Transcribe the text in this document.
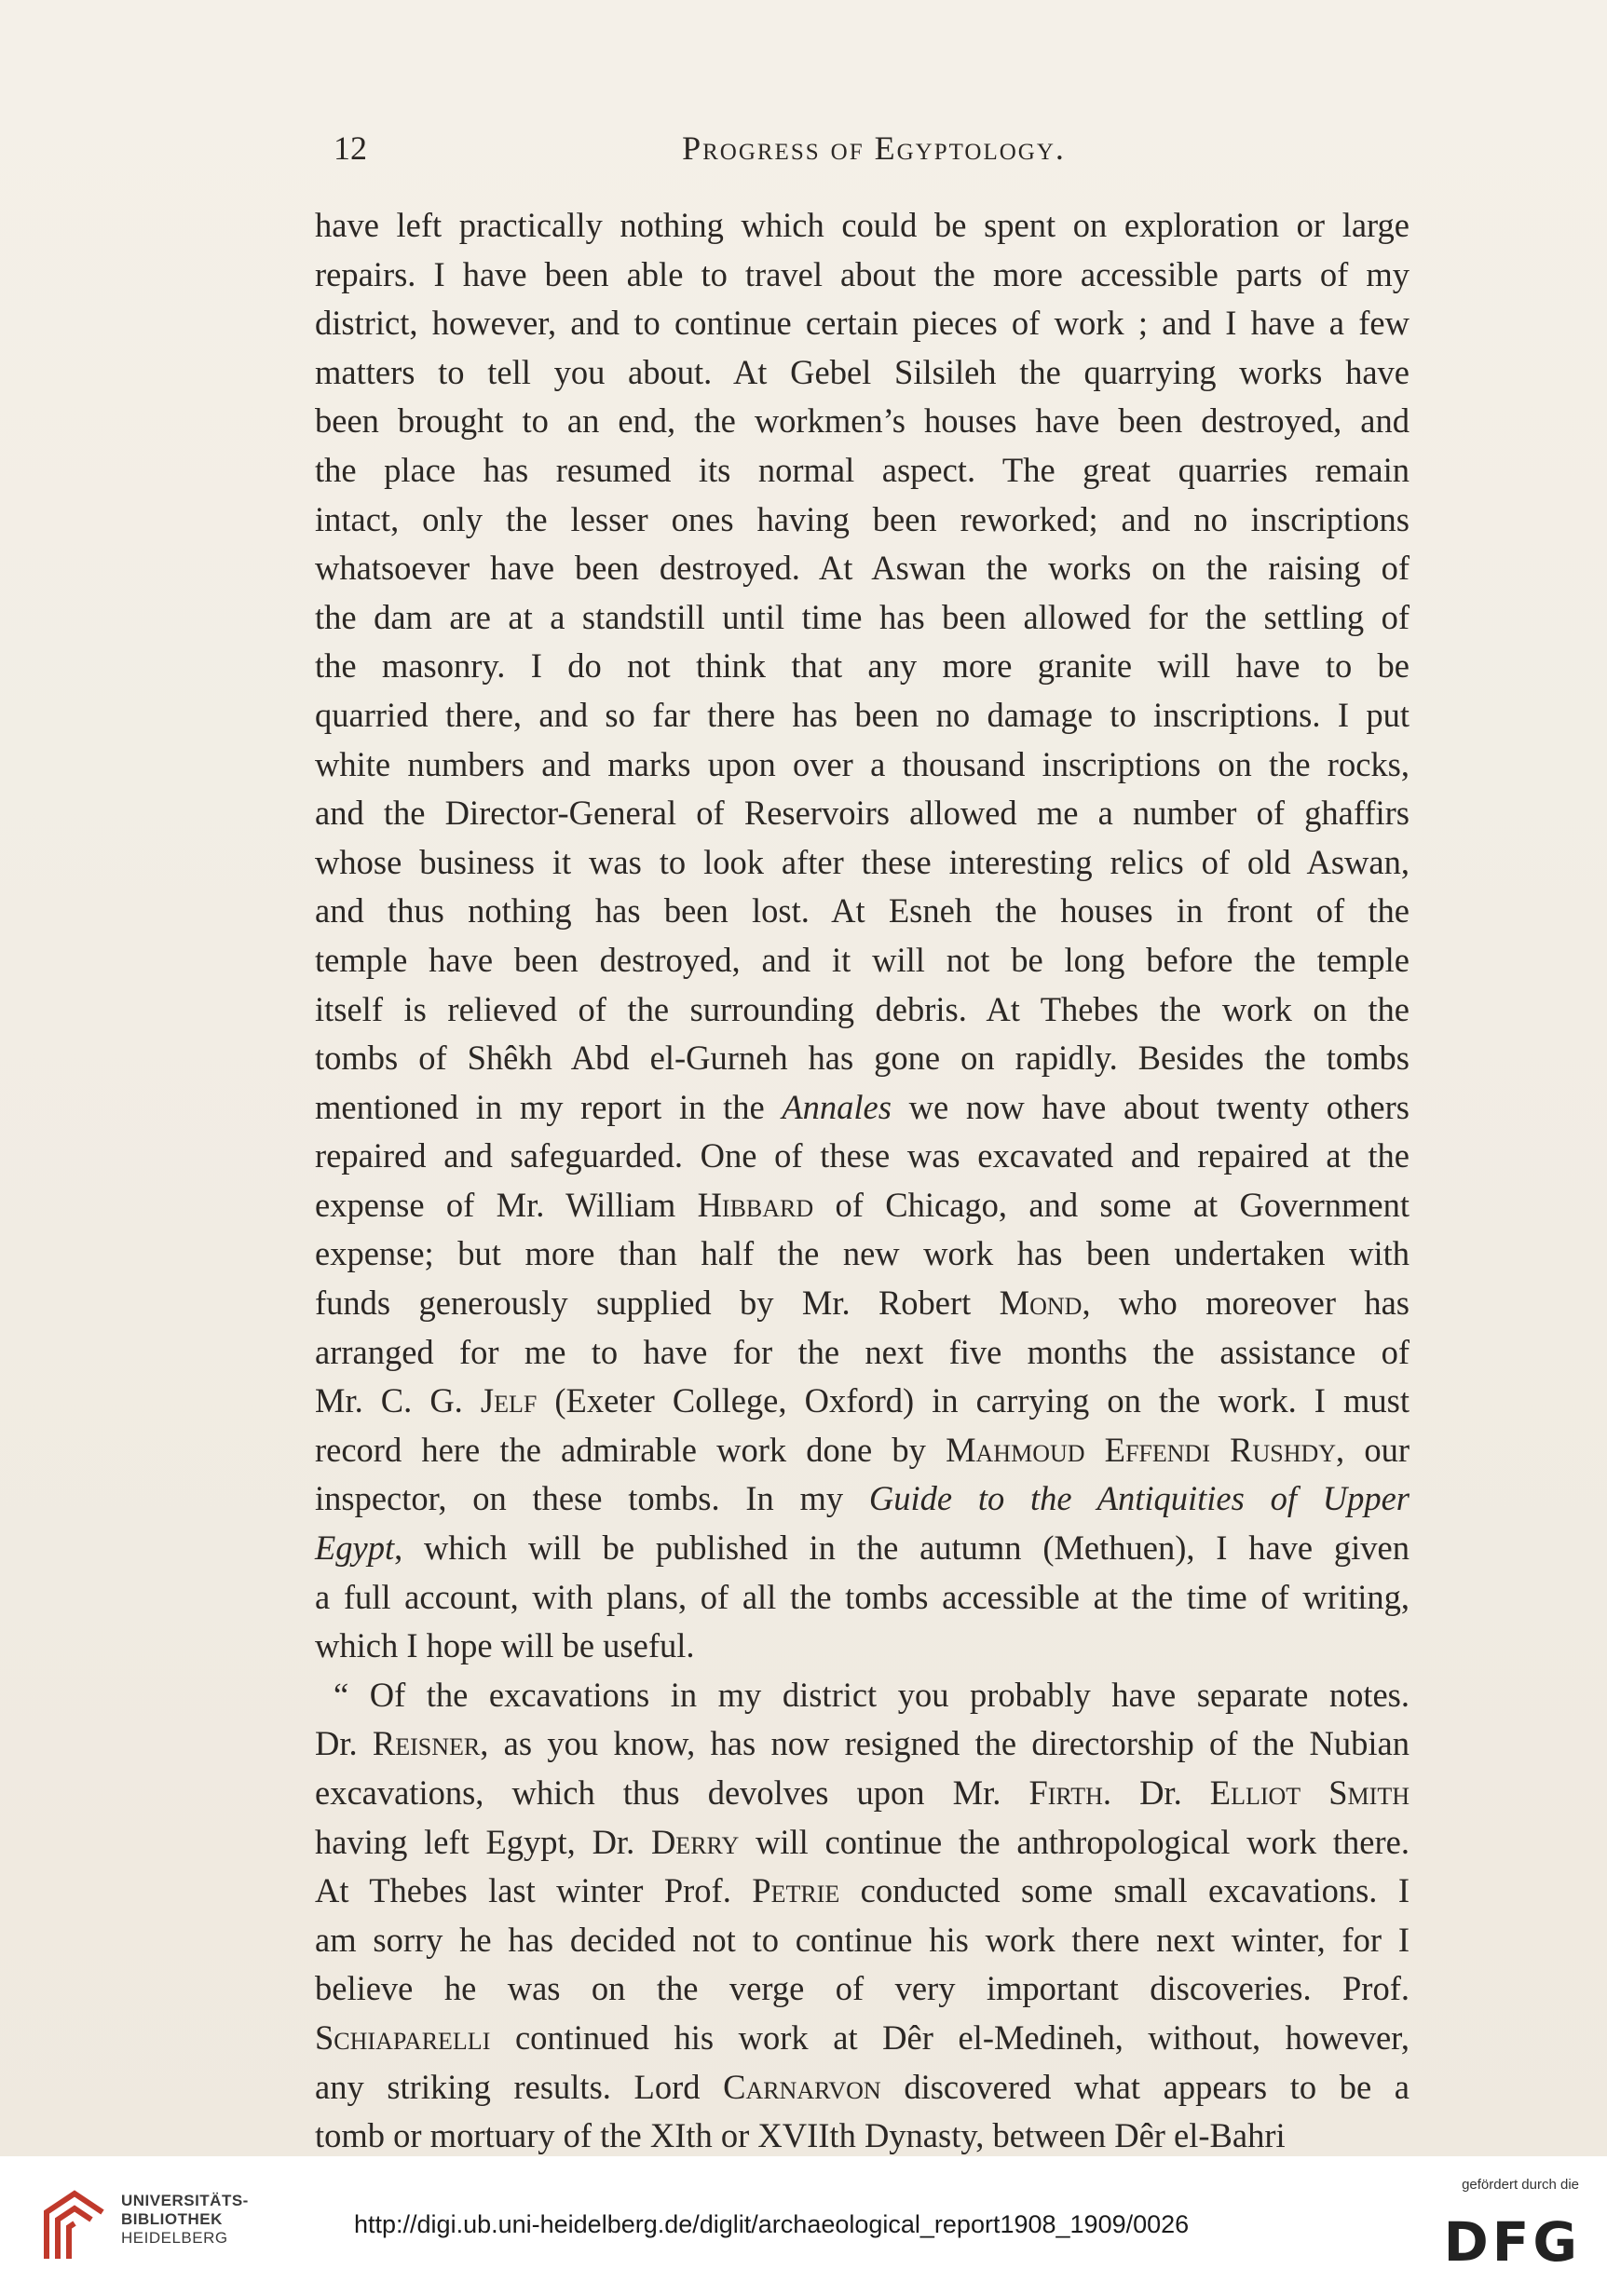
12	Progress of Egyptology.
have left practically nothing which could be spent on exploration or large
repairs. I have been able to travel about the more accessible parts of my
district, however, and to continue certain pieces of work ; and I have a few
matters to tell you about. At Gebel Silsileh the quarrying works have
been brought to an end, the workmen’s houses have been destroyed, and
the place has resumed its normal aspect. The great quarries remain
intact, only the lesser ones having been reworked; and no inscriptions
whatsoever have been destroyed. At Aswan the works on the raising of
the dam are at a standstill until time has been allowed for the settling of
the masonry. I do not think that any more granite will have to be
quarried there, and so far there has been no damage to inscriptions. I put
white numbers and marks upon over a thousand inscriptions on the rocks,
and the Director-General of Reservoirs allowed me a number of ghaffirs
whose business it was to look after these interesting relics of old Aswan,
and thus nothing has been lost. At Esneh the houses in front of the
temple have been destroyed, and it will not be long before the temple
itself is relieved of the surrounding debris. At Thebes the work on the
tombs of Shêkh Abd el-Gurneh has gone on rapidly. Besides the tombs
mentioned in my report in the Annales we now have about twenty others
repaired and safeguarded. One of these was excavated and repaired at the
expense of Mr. William Hibbard of Chicago, and some at Government
expense; but more than half the new work has been undertaken with
funds generously supplied by Mr. Robert Mond, who moreover has
arranged for me to have for the next five months the assistance of
Mr. C. G. Jelf (Exeter College, Oxford) in carrying on the work. I must
record here the admirable work done by Mahmoud Effendi Rushdy, our
inspector, on these tombs. In my Guide to the Antiquities of Upper
Egypt, which will be published in the autumn (Methuen), I have given
a full account, with plans, of all the tombs accessible at the time of writing,
which I hope will be useful.
“ Of the excavations in my district you probably have separate notes.
Dr. Reisner, as you know, has now resigned the directorship of the Nubian
excavations, which thus devolves upon Mr. Firth. Dr. Elliot Smith
having left Egypt, Dr. Derry will continue the anthropological work there.
At Thebes last winter Prof. Petrie conducted some small excavations. I
am sorry he has decided not to continue his work there next winter, for I
believe he was on the verge of very important discoveries. Prof.
Schiaparelli continued his work at Dêr el-Medineh, without, however,
any striking results. Lord Carnarvon discovered what appears to be a
tomb or mortuary of the XIth or XVIIth Dynasty, between Dêr el-Bahri
UNIVERSITÄTS-
BIBLIOTHEK
HEIDELBERG	http://digi.ub.uni-heidelberg.de/diglit/archaeological_report1908_1909/0026
gefördert durch die
DFG
